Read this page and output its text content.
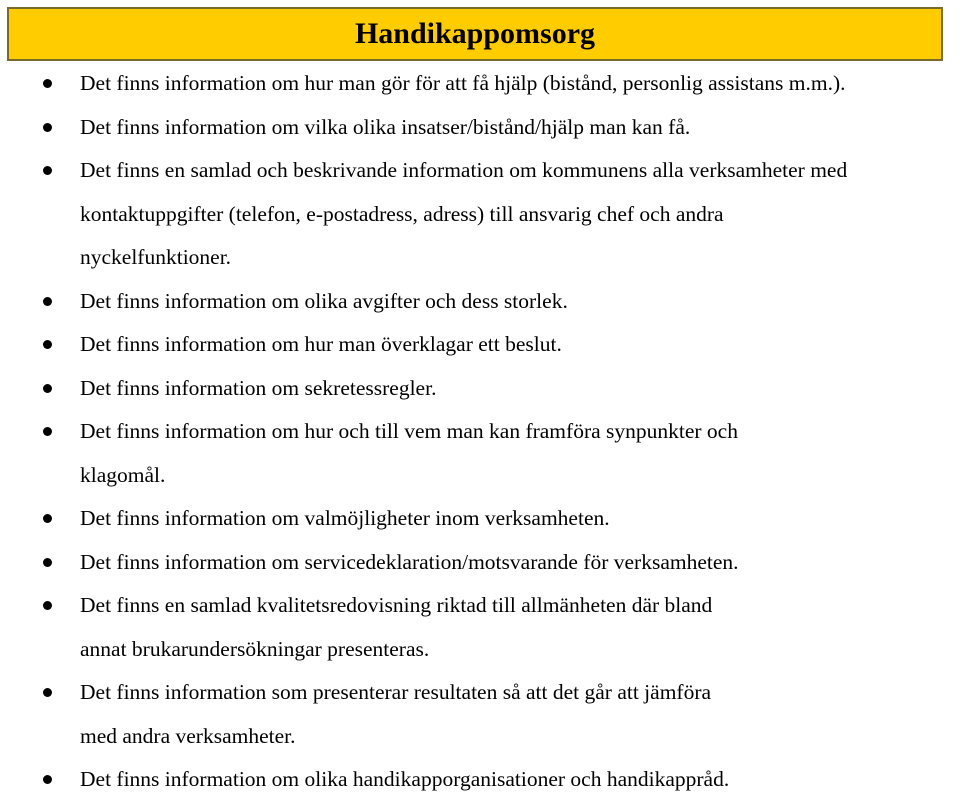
Handikappomsorg
Det finns information om hur man gör för att få hjälp (bistånd, personlig assistans m.m.).
Det finns information om vilka olika insatser/bistånd/hjälp man kan få.
Det finns en samlad och beskrivande information om kommunens alla verksamheter med
kontaktuppgifter (telefon, e-postadress, adress) till ansvarig chef och andra
nyckelfunktioner.
Det finns information om olika avgifter och dess storlek.
Det finns information om hur man överklagar ett beslut.
Det finns information om sekretessregler.
Det finns information om hur och till vem man kan framföra synpunkter och
klagomål.
Det finns information om valmöjligheter inom verksamheten.
Det finns information om servicedeklaration/motsvarande för verksamheten.
Det finns en samlad kvalitetsredovisning riktad till allmänheten där bland
annat brukarundersökningar presenteras.
Det finns information som presenterar resultaten så att det går att jämföra
med andra verksamheter.
Det finns information om olika handikapporganisationer och handikappråd.
